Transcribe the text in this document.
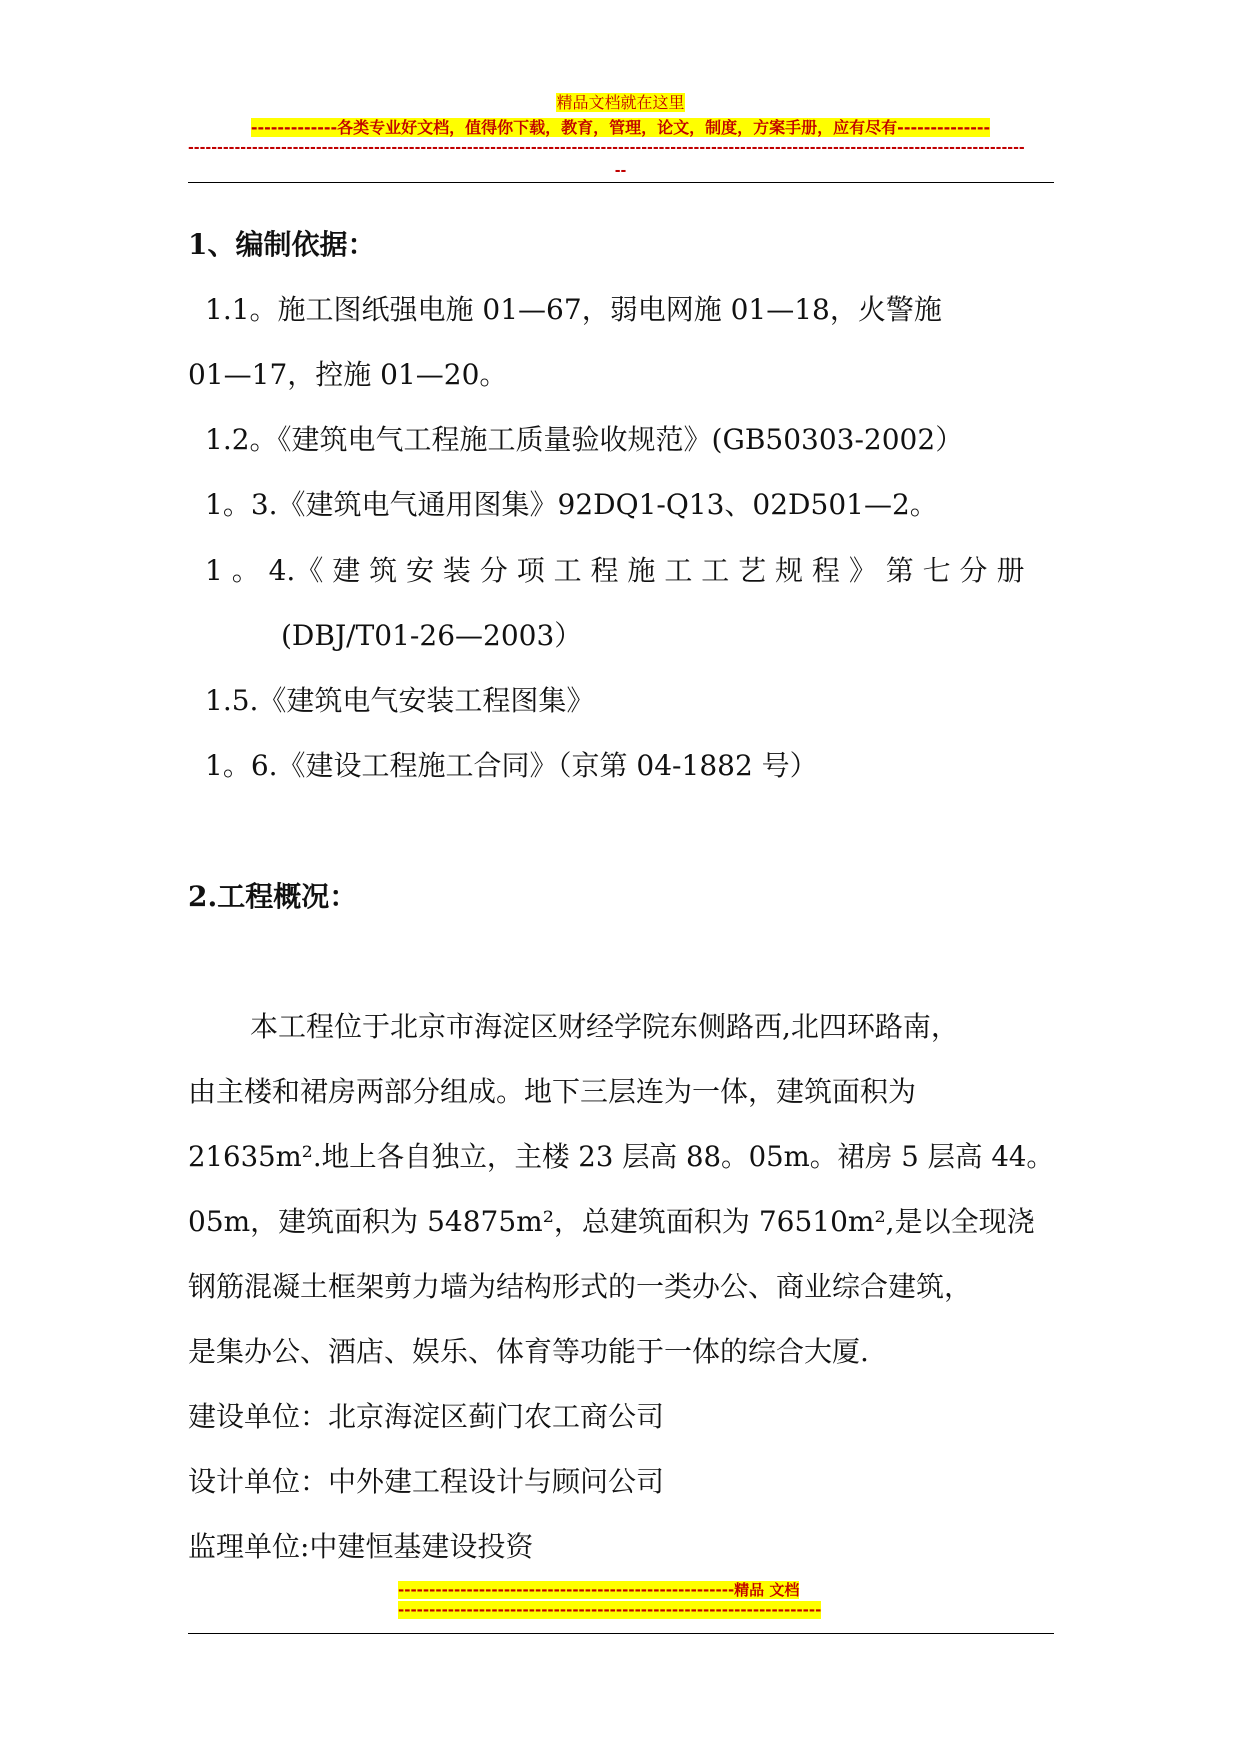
精品文档就在这里
-------------各类专业好文档，值得你下载，教育，管理，论文，制度，方案手册，应有尽有--------------
------------------------------------------------------------------------------------------------------------------------------------------------
--
1、编制依据：
1.1。施工图纸强电施 01—67，弱电网施 01—18，火警施
01—17，控施 01—20。
1.2。《建筑电气工程施工质量验收规范》(GB50303-2002）
1。3.《建筑电气通用图集》92DQ1-Q13、02D501—2。
1 。 4.《 建 筑 安 装 分 项 工 程 施 工 工 艺 规 程 》 第 七 分 册
(DBJ/T01-26—2003）
1.5.《建筑电气安装工程图集》
1。6.《建设工程施工合同》（京第 04-1882 号）
2.工程概况：
本工程位于北京市海淀区财经学院东侧路西,北四环路南，
由主楼和裙房两部分组成。地下三层连为一体，建筑面积为
21635m².地上各自独立，主楼 23 层高 88。05m。裙房 5 层高 44。
05m，建筑面积为 54875m²，总建筑面积为 76510m²,是以全现浇
钢筋混凝土框架剪力墙为结构形式的一类办公、商业综合建筑，
是集办公、酒店、娱乐、体育等功能于一体的综合大厦.
建设单位：北京海淀区蓟门农工商公司
设计单位：中外建工程设计与顾问公司
监理单位:中建恒基建设投资
------------------------------------------------------精品 文档
--------------------------------------------------------------------
